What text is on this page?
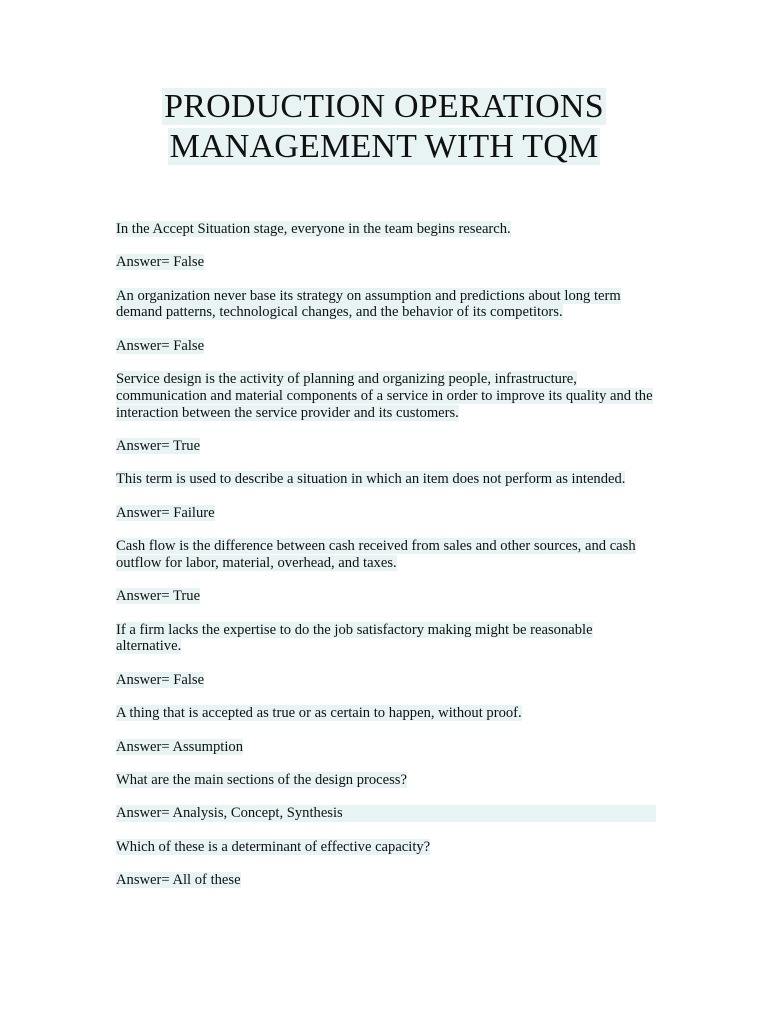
PRODUCTION OPERATIONS
MANAGEMENT WITH TQM

In the Accept Situation stage, everyone in the team begins research.

Answer= False

An organization never base its strategy on assumption and predictions about long term demand patterns, technological changes, and the behavior of its competitors.

Answer= False

Service design is the activity of planning and organizing people, infrastructure, communication and material components of a service in order to improve its quality and the interaction between the service provider and its customers.

Answer= True

This term is used to describe a situation in which an item does not perform as intended.

Answer= Failure

Cash flow is the difference between cash received from sales and other sources, and cash outflow for labor, material, overhead, and taxes.

Answer= True

If a firm lacks the expertise to do the job satisfactory making might be reasonable alternative.

Answer= False

A thing that is accepted as true or as certain to happen, without proof.

Answer= Assumption

What are the main sections of the design process?

Answer= Analysis, Concept, Synthesis

Which of these is a determinant of effective capacity?

Answer= All of these
